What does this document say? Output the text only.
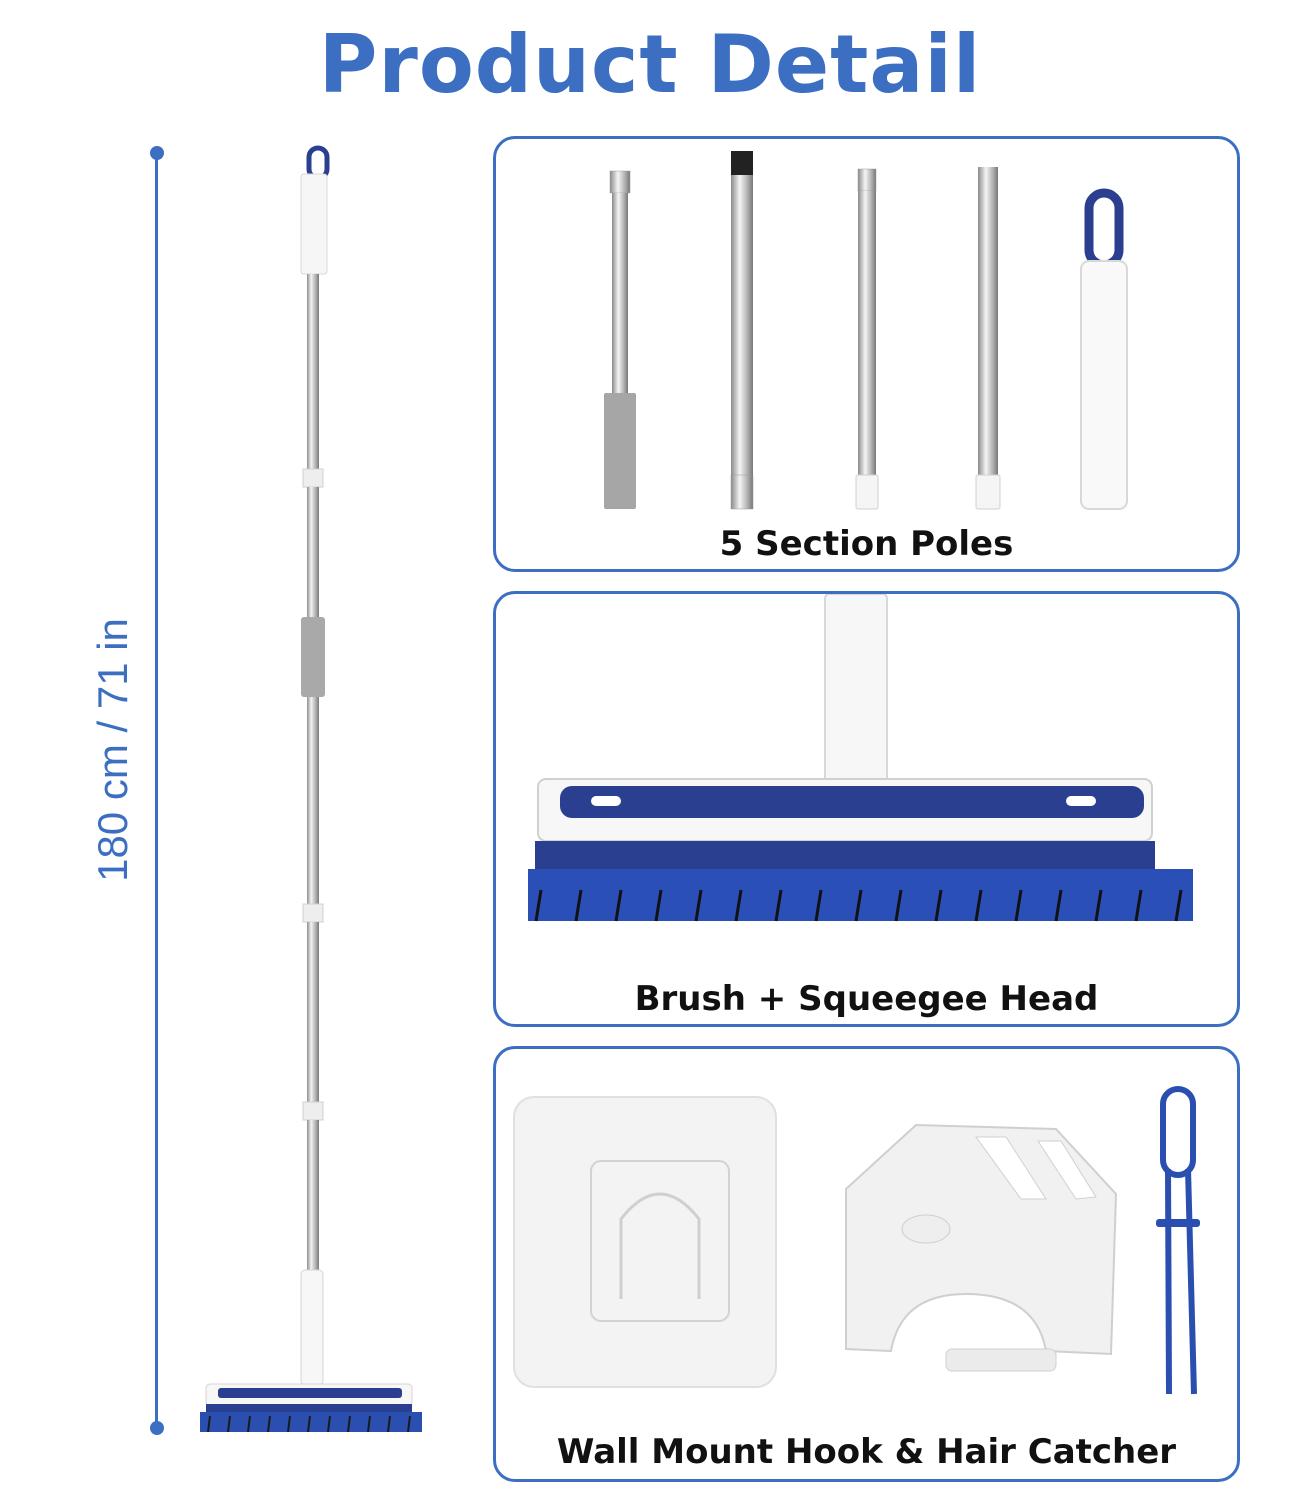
Product Detail
180 cm / 71 in
5 Section Poles
Brush + Squeegee Head
Wall Mount Hook & Hair Catcher
